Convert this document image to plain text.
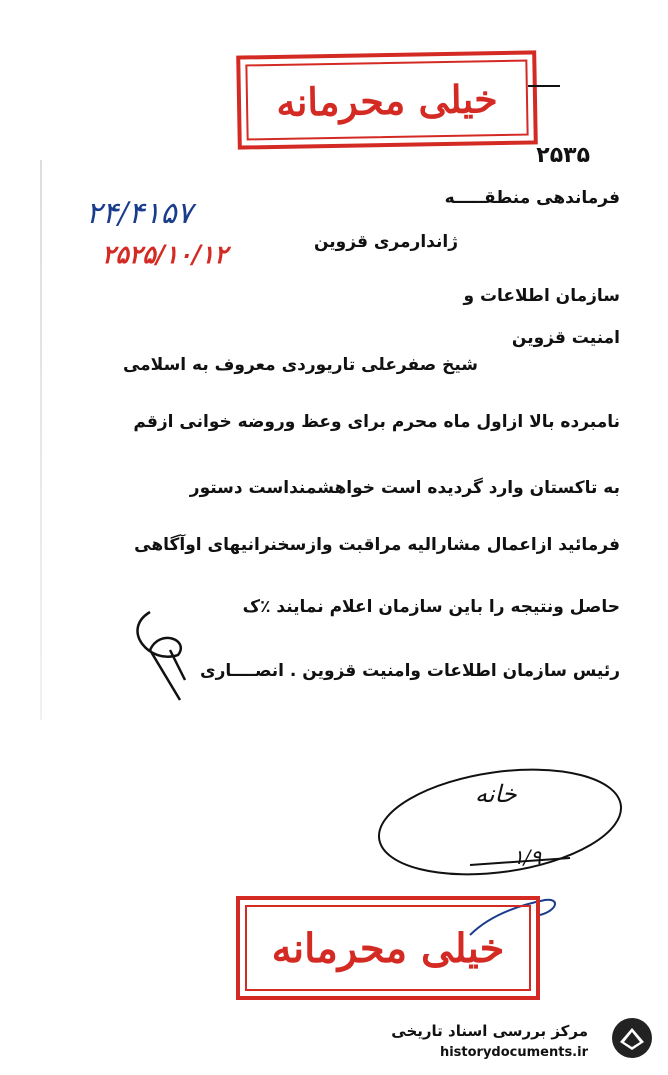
خیلی محرمانه
۲۵۳۵
۲۴/۴۱۵۷
۲۵۲۵/۱۰/۱۲
فرماندهی منطقـــــه
ژاندارمری قزوین
سازمان اطلاعات و
امنیت قزوین
شیخ صفرعلی تاریوردی معروف به اسلامی
نامبرده بالا ازاول ماه محرم برای وعظ وروضه خوانی ازقم
به تاکستان وارد گردیده است خواهشمنداست دستور
فرمائید ازاعمال مشارالیه مراقبت وازسخنرانیهای اوآگاهی
حاصل ونتیجه را باین سازمان اعلام نمایند ٪ک
رئیس سازمان اطلاعات وامنیت قزوین . انصــــاری
خانه
۱/۹
خیلی محرمانه
مرکز بررسی اسناد تاریخی
historydocuments.ir
